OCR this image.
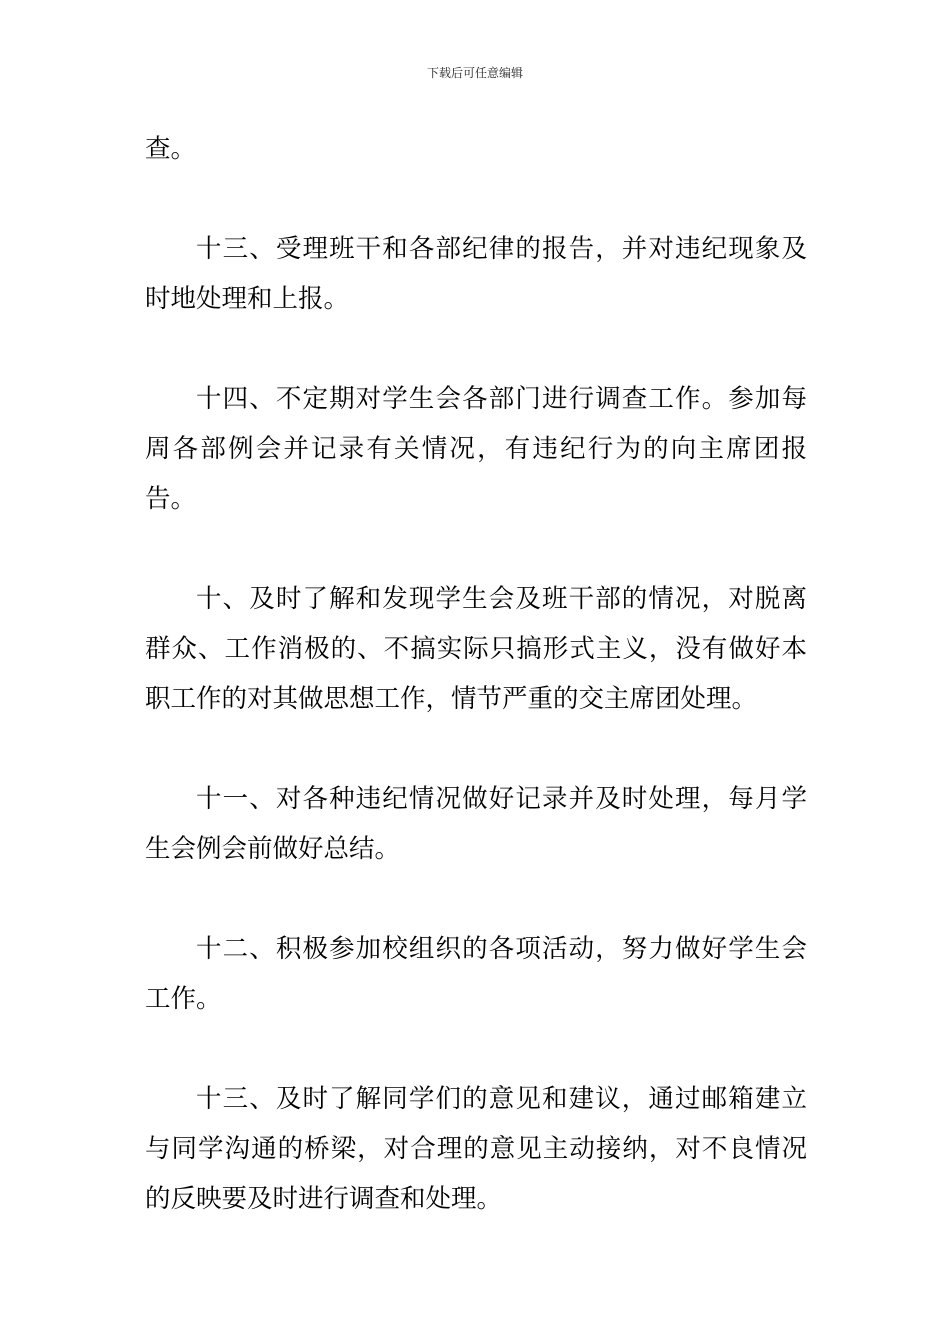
下载后可任意编辑

查。

十三、受理班干和各部纪律的报告，并对违纪现象及时地处理和上报。

十四、不定期对学生会各部门进行调查工作。参加每周各部例会并记录有关情况，有违纪行为的向主席团报告。

十、及时了解和发现学生会及班干部的情况，对脱离群众、工作消极的、不搞实际只搞形式主义，没有做好本职工作的对其做思想工作，情节严重的交主席团处理。

十一、对各种违纪情况做好记录并及时处理，每月学生会例会前做好总结。

十二、积极参加校组织的各项活动，努力做好学生会工作。

十三、及时了解同学们的意见和建议，通过邮箱建立与同学沟通的桥梁，对合理的意见主动接纳，对不良情况的反映要及时进行调查和处理。
